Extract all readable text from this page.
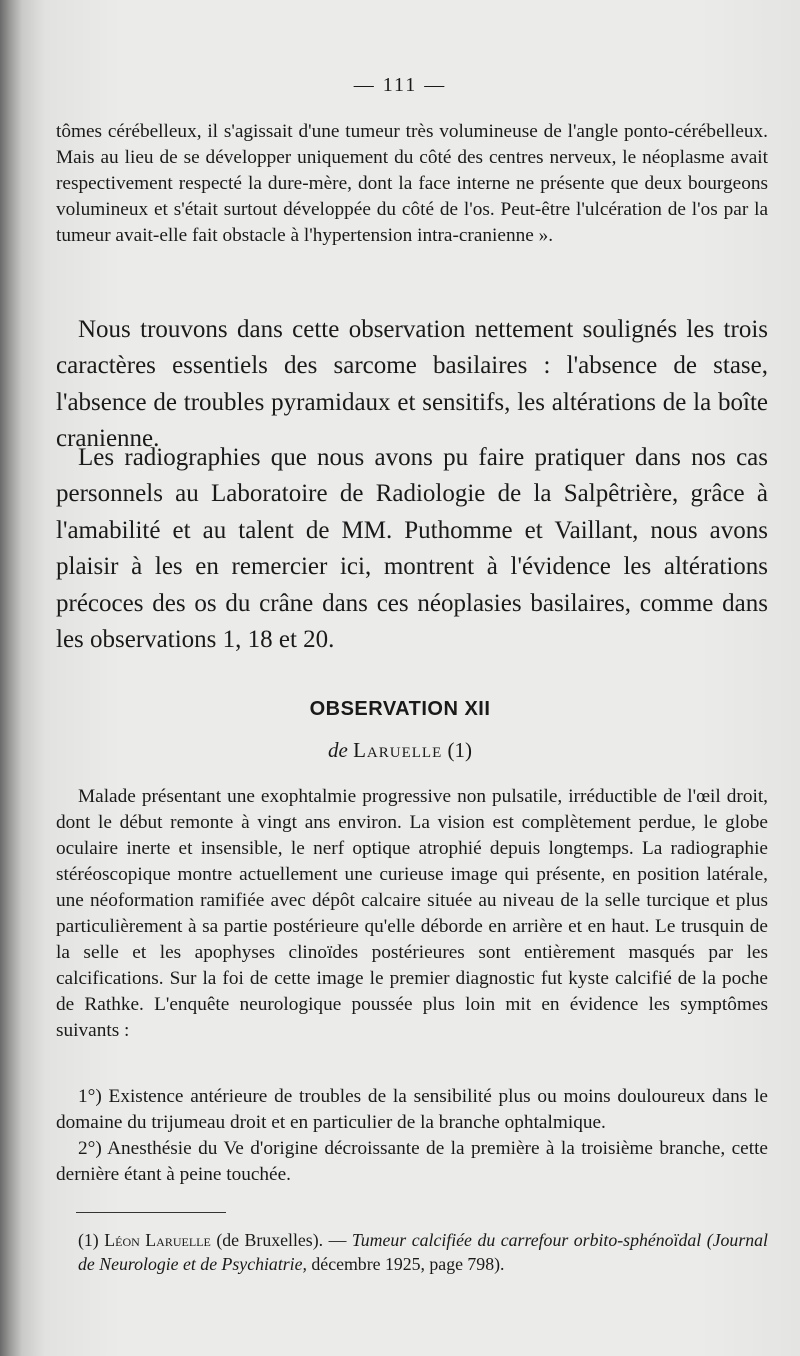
— 111 —

tômes cérébelleux, il s'agissait d'une tumeur très volumineuse de l'angle ponto-cérébelleux. Mais au lieu de se développer uniquement du côté des centres nerveux, le néoplasme avait respectivement respecté la dure-mère, dont la face interne ne présente que deux bourgeons volumineux et s'était surtout développée du côté de l'os. Peut-être l'ulcération de l'os par la tumeur avait-elle fait obstacle à l'hypertension intra-cranienne ».

Nous trouvons dans cette observation nettement soulignés les trois caractères essentiels des sarcome basilaires : l'absence de stase, l'absence de troubles pyramidaux et sensitifs, les altérations de la boîte cranienne.

Les radiographies que nous avons pu faire pratiquer dans nos cas personnels au Laboratoire de Radiologie de la Salpêtrière, grâce à l'amabilité et au talent de MM. Puthomme et Vaillant, nous avons plaisir à les en remercier ici, montrent à l'évidence les altérations précoces des os du crâne dans ces néoplasies basilaires, comme dans les observations 1, 18 et 20.

OBSERVATION XII
de Laruelle (1)

Malade présentant une exophtalmie progressive non pulsatile, irréductible de l'œil droit, dont le début remonte à vingt ans environ. La vision est complètement perdue, le globe oculaire inerte et insensible, le nerf optique atrophié depuis longtemps. La radiographie stéréoscopique montre actuellement une curieuse image qui présente, en position latérale, une néoformation ramifiée avec dépôt calcaire située au niveau de la selle turcique et plus particulièrement à sa partie postérieure qu'elle déborde en arrière et en haut. Le trusquin de la selle et les apophyses clinoïdes postérieures sont entièrement masqués par les calcifications. Sur la foi de cette image le premier diagnostic fut kyste calcifié de la poche de Rathke. L'enquête neurologique poussée plus loin mit en évidence les symptômes suivants :

1°) Existence antérieure de troubles de la sensibilité plus ou moins douloureux dans le domaine du trijumeau droit et en particulier de la branche ophtalmique.

2°) Anesthésie du Ve d'origine décroissante de la première à la troisième branche, cette dernière étant à peine touchée.

(1) Léon Laruelle (de Bruxelles). — Tumeur calcifiée du carrefour orbito-sphénoïdal (Journal de Neurologie et de Psychiatrie, décembre 1925, page 798).
